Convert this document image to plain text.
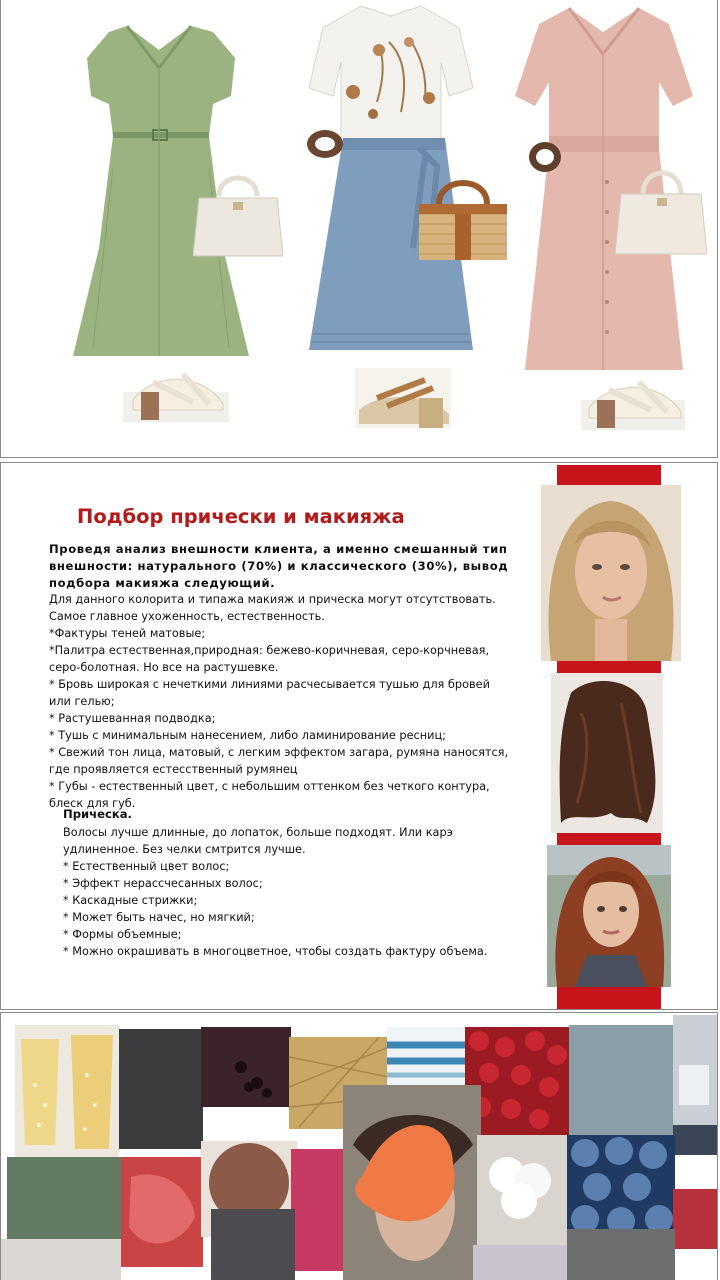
Подбор прически и макияжа

Проведя анализ внешности клиента, а именно смешанный тип внешности: натурального (70%) и классического (30%), вывод подбора макияжа следующий.

Для данного колорита и типажа макияж и прическа могут отсутствовать.
Самое главное ухоженность, естественность.
*Фактуры теней матовые;
*Палитра естественная,природная: бежево-коричневая, серо-корчневая,
серо-болотная. Но все на растушевке.
* Бровь широкая с нечеткими линиями расчесывается тушью для бровей
или гелью;
* Растушеванная подводка;
* Тушь с минимальным нанесением, либо ламинирование ресниц;
* Свежий тон лица, матовый, с легким эффектом загара, румяна наносятся,
где проявляется естесственный румянец
* Губы - естественный цвет, с небольшим оттенком без четкого контура,
блеск для губ.
Прическа.
Волосы лучше длинные, до лопаток, больше подходят. Или карэ
удлиненное. Без челки смтрится лучше.
* Естественный цвет волос;
* Эффект нерассчесанных волос;
* Каскадные стрижки;
* Может быть начес, но мягкий;
* Формы объемные;
* Можно окрашивать в многоцветное, чтобы создать фактуру объема.
